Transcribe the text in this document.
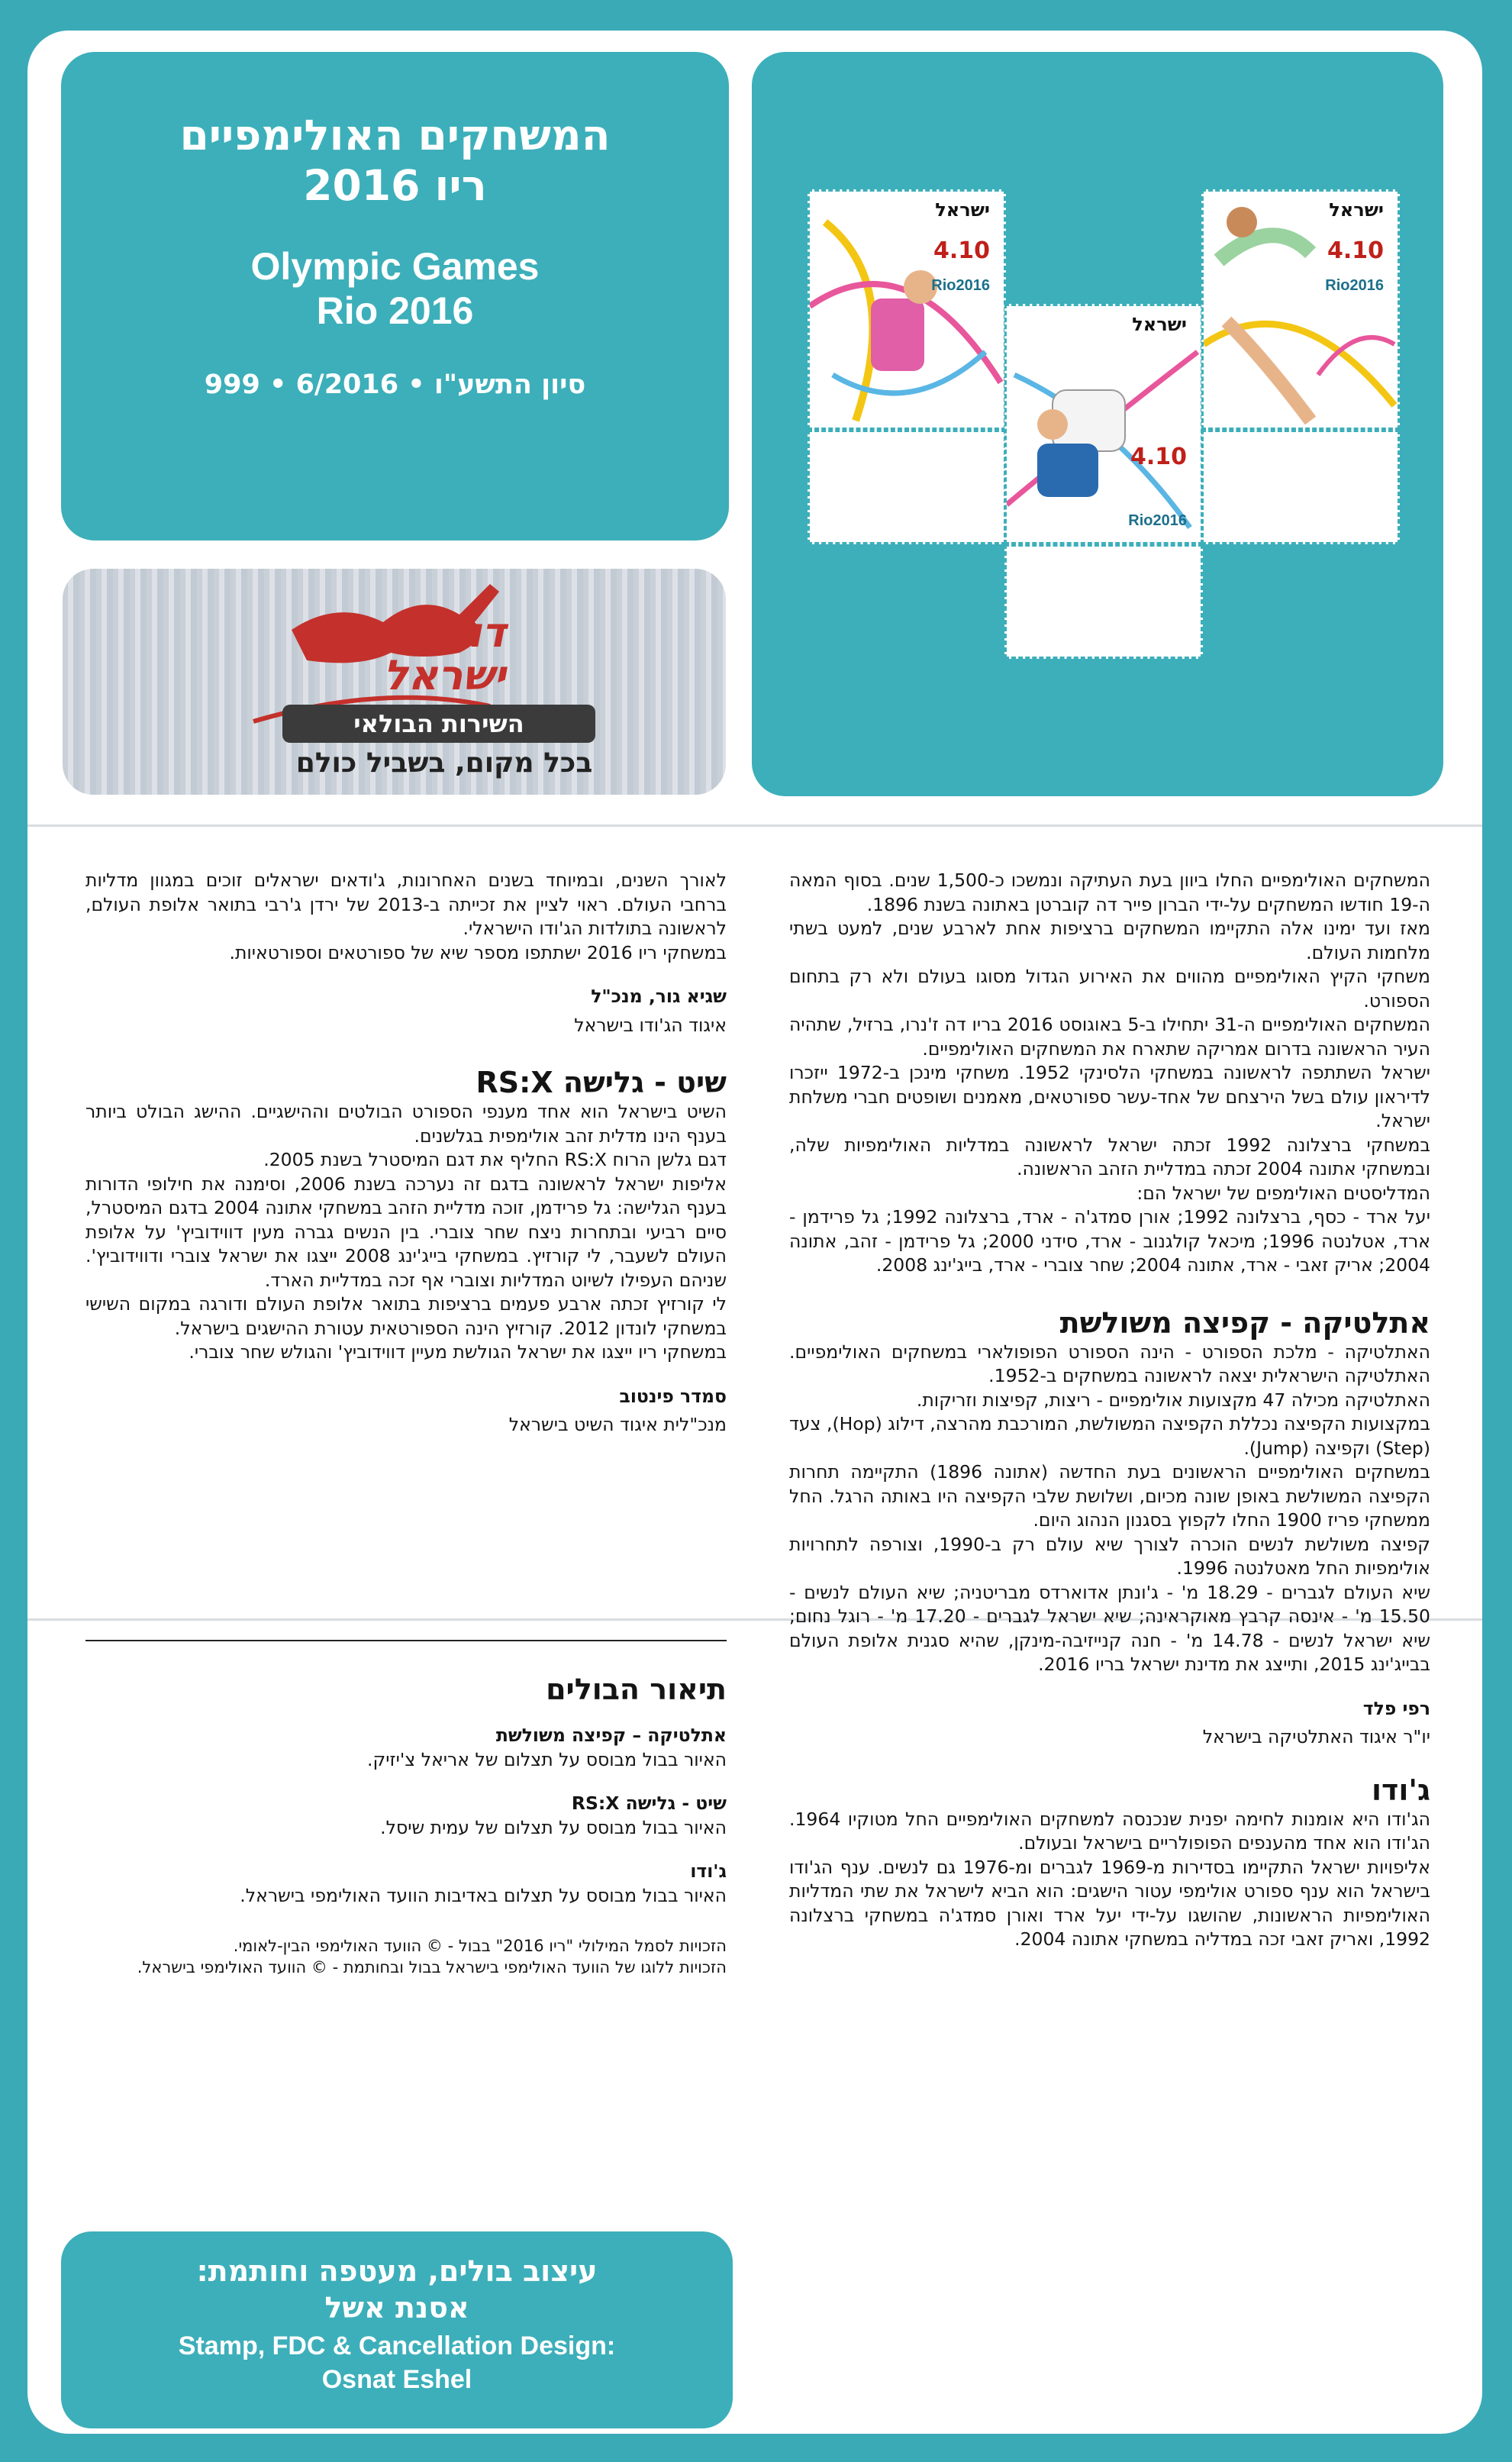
המשחקים האולימפיים
ריו 2016
Olympic Games
Rio 2016
סיון התשע"ו • 6/2016 • 999
דואר
ישראל
השירות הבולאי
בכל מקום, בשביל כולם
ישראל
4.10
Rio2016
ישראל
4.10
Rio2016
ישראל
4.10
Rio2016

המשחקים האולימפיים החלו ביוון בעת העתיקה ונמשכו כ-1,500 שנים. בסוף המאה ה-19 חודשו המשחקים על-ידי הברון פייר דה קוברטן באתונה בשנת 1896.

מאז ועד ימינו אלה התקיימו המשחקים ברציפות אחת לארבע שנים, למעט בשתי מלחמות העולם.

משחקי הקיץ האולימפיים מהווים את האירוע הגדול מסוגו בעולם ולא רק בתחום הספורט.

המשחקים האולימפיים ה-31 יתחילו ב-5 באוגוסט 2016 בריו דה ז'נרו, ברזיל, שתהיה העיר הראשונה בדרום אמריקה שתארח את המשחקים האולימפיים.

ישראל השתתפה לראשונה במשחקי הלסינקי 1952. משחקי מינכן ב-1972 ייזכרו לדיראון עולם בשל הירצחם של אחד-עשר ספורטאים, מאמנים ושופטים חברי משלחת ישראל.

במשחקי ברצלונה 1992 זכתה ישראל לראשונה במדליות האולימפיות שלה, ובמשחקי אתונה 2004 זכתה במדליית הזהב הראשונה.

המדליסטים האולימפים של ישראל הם:

יעל ארד - כסף, ברצלונה 1992; אורן סמדג'ה - ארד, ברצלונה 1992; גל פרידמן - ארד, אטלנטה 1996; מיכאל קולגנוב - ארד, סידני 2000; גל פרידמן - זהב, אתונה 2004; אריק זאבי - ארד, אתונה 2004; שחר צוברי - ארד, בייג'ינג 2008.

אתלטיקה - קפיצה משולשת

האתלטיקה - מלכת הספורט - הינה הספורט הפופולארי במשחקים האולימפיים. האתלטיקה הישראלית יצאה לראשונה במשחקים ב-1952.

האתלטיקה מכילה 47 מקצועות אולימפיים - ריצות, קפיצות וזריקות.

במקצועות הקפיצה נכללת הקפיצה המשולשת, המורכבת מהרצה, דילוג (Hop), צעד (Step) וקפיצה (Jump).

במשחקים האולימפיים הראשונים בעת החדשה (אתונה 1896) התקיימה תחרות הקפיצה המשולשת באופן שונה מכיום, ושלושת שלבי הקפיצה היו באותה הרגל. החל ממשחקי פריז 1900 החלו לקפוץ בסגנון הנהוג היום.

קפיצה משולשת לנשים הוכרה לצורך שיא עולם רק ב-1990, וצורפה לתחרויות אולימפיות החל מאטלנטה 1996.

שיא העולם לגברים - 18.29 מ' - ג'ונתן אדוארדס מבריטניה; שיא העולם לנשים - 15.50 מ' - אינסה קרבץ מאוקראינה; שיא ישראל לגברים - 17.20 מ' - רוגל נחום; שיא ישראל לנשים - 14.78 מ' - חנה קנייזיבה-מינקן, שהיא סגנית אלופת העולם בבייג'ינג 2015, ותייצג את מדינת ישראל בריו 2016.

רפי פלד
יו"ר איגוד האתלטיקה בישראל
ג'ודו

הג'ודו היא אומנות לחימה יפנית שנכנסה למשחקים האולימפיים החל מטוקיו 1964. הג'ודו הוא אחד מהענפים הפופולריים בישראל ובעולם.

אליפויות ישראל התקיימו בסדירות מ-1969 לגברים ומ-1976 גם לנשים. ענף הג'ודו בישראל הוא ענף ספורט אולימפי עטור הישגים: הוא הביא לישראל את שתי המדליות האולימפיות הראשונות, שהושגו על-ידי יעל ארד ואורן סמדג'ה במשחקי ברצלונה 1992, ואריק זאבי זכה במדליה במשחקי אתונה 2004.

לאורך השנים, ובמיוחד בשנים האחרונות, ג'ודאים ישראלים זוכים במגוון מדליות ברחבי העולם. ראוי לציין את זכייתה ב-2013 של ירדן ג'רבי בתואר אלופת העולם, לראשונה בתולדות הג'ודו הישראלי.

במשחקי ריו 2016 ישתתפו מספר שיא של ספורטאים וספורטאיות.

שגיא גור, מנכ"ל
איגוד הג'ודו בישראל
שיט - גלישה RS:X

השיט בישראל הוא אחד מענפי הספורט הבולטים וההישגיים. ההישג הבולט ביותר בענף הינו מדלית זהב אולימפית בגלשנים.

דגם גלשן הרוח RS:X החליף את דגם המיסטרל בשנת 2005.

אליפות ישראל לראשונה בדגם זה נערכה בשנת 2006, וסימנה את חילופי הדורות בענף הגלישה: גל פרידמן, זוכה מדליית הזהב במשחקי אתונה 2004 בדגם המיסטרל, סיים רביעי ובתחרות ניצח שחר צוברי. בין הנשים גברה מעין דווידוביץ' על אלופת העולם לשעבר, לי קורזיץ. במשחקי בייג'ינג 2008 ייצגו את ישראל צוברי ודווידוביץ'. שניהם העפילו לשיוט המדליות וצוברי אף זכה במדליית הארד.

לי קורזיץ זכתה ארבע פעמים ברציפות בתואר אלופת העולם ודורגה במקום השישי במשחקי לונדון 2012. קורזיץ הינה הספורטאית עטורת ההישגים בישראל.

במשחקי ריו ייצגו את ישראל הגולשת מעיין דווידוביץ' והגולש שחר צוברי.

סמדר פינטוב
מנכ"לית איגוד השיט בישראל
תיאור הבולים
אתלטיקה – קפיצה משולשת
האיור בבול מבוסס על תצלום של אריאל צ'יזיק.
שיט - גלישה RS:X
האיור בבול מבוסס על תצלום של עמית שיסל.
ג'ודו
האיור בבול מבוסס על תצלום באדיבות הוועד האולימפי בישראל.
הזכויות לסמל המילולי "ריו 2016" בבול - © הוועד האולימפי הבין-לאומי.
הזכויות ללוגו של הוועד האולימפי בישראל בבול ובחותמת - © הוועד האולימפי בישראל.
עיצוב בולים, מעטפה וחותמת:
אסנת אשל
Stamp, FDC & Cancellation Design:
Osnat Eshel
